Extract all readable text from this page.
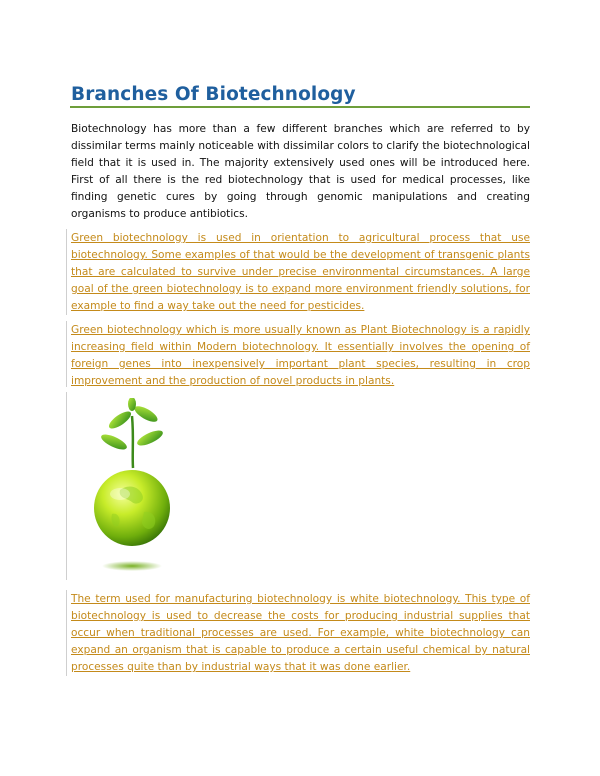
Branches Of Biotechnology

Biotechnology has more than a few different branches which are referred to by dissimilar terms mainly noticeable with dissimilar colors to clarify the biotechnological field that it is used in. The majority extensively used ones will be introduced here. First of all there is the red biotechnology that is used for medical processes, like finding genetic cures by going through genomic manipulations and creating organisms to produce antibiotics.

Green biotechnology is used in orientation to agricultural process that use biotechnology. Some examples of that would be the development of transgenic plants that are calculated to survive under precise environmental circumstances. A large goal of the green biotechnology is to expand more environment friendly solutions, for example to find a way take out the need for pesticides.

Green biotechnology which is more usually known as Plant Biotechnology is a rapidly increasing field within Modern biotechnology. It essentially involves the opening of foreign genes into inexpensively important plant species, resulting in crop improvement and the production of novel products in plants.

The term used for manufacturing biotechnology is white biotechnology. This type of biotechnology is used to decrease the costs for producing industrial supplies that occur when traditional processes are used. For example, white biotechnology can expand an organism that is capable to produce a certain useful chemical by natural processes quite than by industrial ways that it was done earlier.
